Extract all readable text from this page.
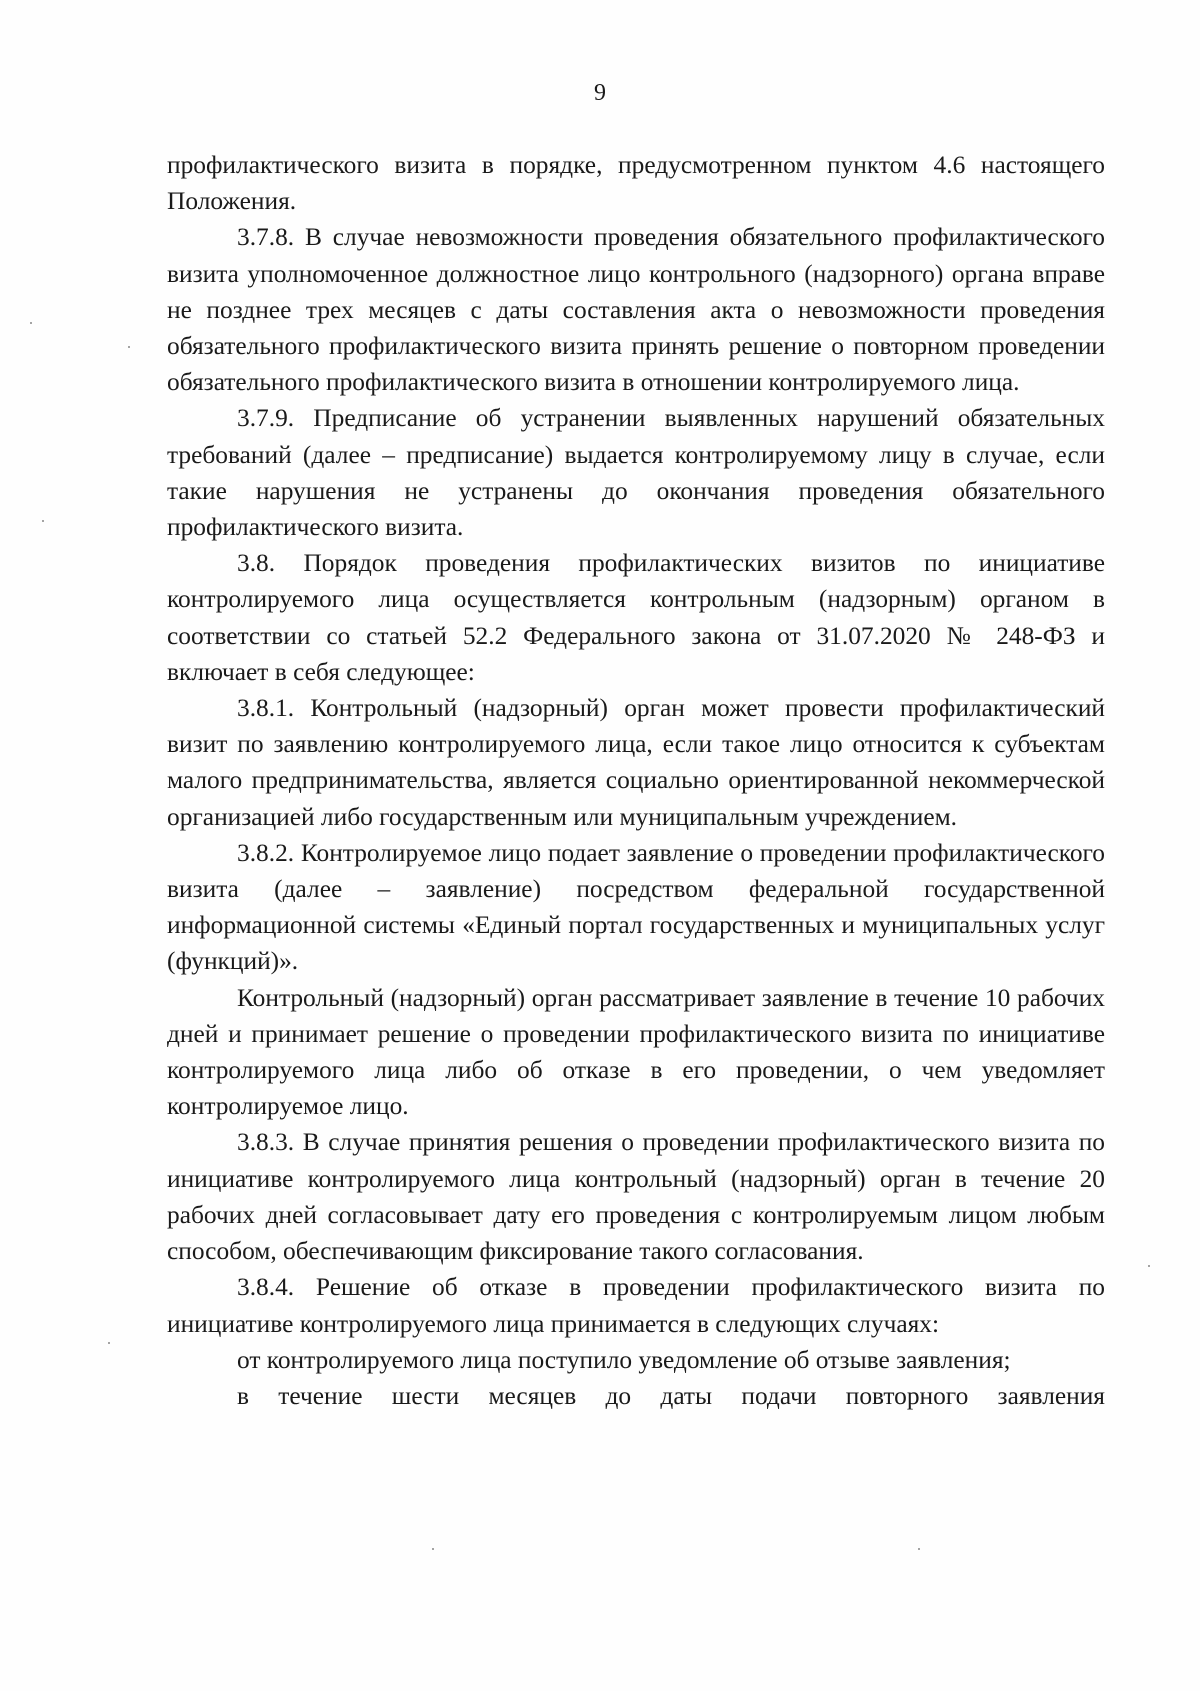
9

профилактического визита в порядке, предусмотренном пунктом 4.6 настоящего Положения.

3.7.8. В случае невозможности проведения обязательного профилактического визита уполномоченное должностное лицо контрольного (надзорного) органа вправе не позднее трех месяцев с даты составления акта о невозможности проведения обязательного профилактического визита принять решение о повторном проведении обязательного профилактического визита в отношении контролируемого лица.

3.7.9. Предписание об устранении выявленных нарушений обязательных требований (далее – предписание) выдается контролируемому лицу в случае, если такие нарушения не устранены до окончания проведения обязательного профилактического визита.

3.8. Порядок проведения профилактических визитов по инициативе контролируемого лица осуществляется контрольным (надзорным) органом в соответствии со статьей 52.2 Федерального закона от 31.07.2020 № 248-ФЗ и включает в себя следующее:

3.8.1. Контрольный (надзорный) орган может провести профилактический визит по заявлению контролируемого лица, если такое лицо относится к субъектам малого предпринимательства, является социально ориентированной некоммерческой организацией либо государственным или муниципальным учреждением.

3.8.2. Контролируемое лицо подает заявление о проведении профилактического визита (далее – заявление) посредством федеральной государственной информационной системы «Единый портал государственных и муниципальных услуг (функций)».

Контрольный (надзорный) орган рассматривает заявление в течение 10 рабочих дней и принимает решение о проведении профилактического визита по инициативе контролируемого лица либо об отказе в его проведении, о чем уведомляет контролируемое лицо.

3.8.3. В случае принятия решения о проведении профилактического визита по инициативе контролируемого лица контрольный (надзорный) орган в течение 20 рабочих дней согласовывает дату его проведения с контролируемым лицом любым способом, обеспечивающим фиксирование такого согласования.

3.8.4. Решение об отказе в проведении профилактического визита по инициативе контролируемого лица принимается в следующих случаях:

от контролируемого лица поступило уведомление об отзыве заявления;

в течение шести месяцев до даты подачи повторного заявления
